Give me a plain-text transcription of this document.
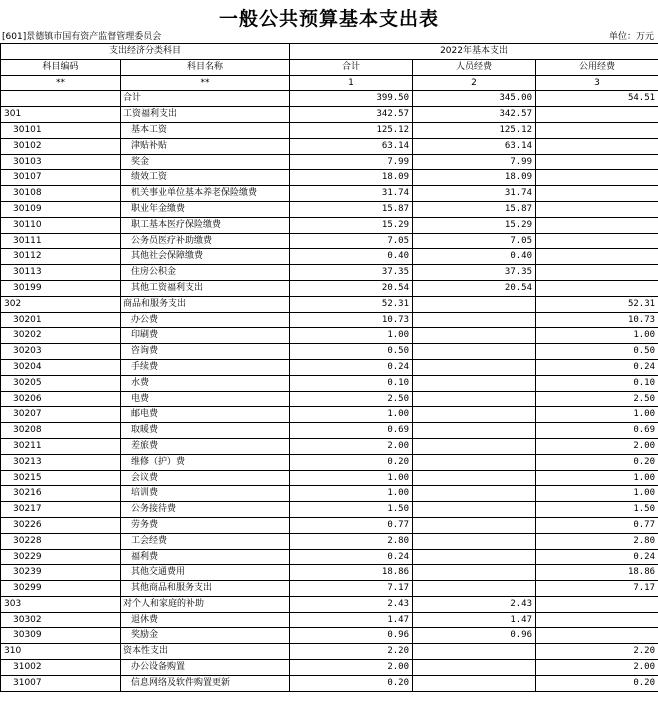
一般公共预算基本支出表
[601]景德镇市国有资产监督管理委员会	单位：万元
支出经济分类科目		2022年基本支出		
科目编码	科目名称	合计	人员经费	公用经费
**	**	1	2	3
	合计	399.50	345.00	54.51
301	工资福利支出	342.57	342.57	
30101	基本工资	125.12	125.12	
30102	津贴补贴	63.14	63.14	
30103	奖金	7.99	7.99	
30107	绩效工资	18.09	18.09	
30108	机关事业单位基本养老保险缴费	31.74	31.74	
30109	职业年金缴费	15.87	15.87	
30110	职工基本医疗保险缴费	15.29	15.29	
30111	公务员医疗补助缴费	7.05	7.05	
30112	其他社会保障缴费	0.40	0.40	
30113	住房公积金	37.35	37.35	
30199	其他工资福利支出	20.54	20.54	
302	商品和服务支出	52.31		52.31
30201	办公费	10.73		10.73
30202	印刷费	1.00		1.00
30203	咨询费	0.50		0.50
30204	手续费	0.24		0.24
30205	水费	0.10		0.10
30206	电费	2.50		2.50
30207	邮电费	1.00		1.00
30208	取暖费	0.69		0.69
30211	差旅费	2.00		2.00
30213	维修（护）费	0.20		0.20
30215	会议费	1.00		1.00
30216	培训费	1.00		1.00
30217	公务接待费	1.50		1.50
30226	劳务费	0.77		0.77
30228	工会经费	2.80		2.80
30229	福利费	0.24		0.24
30239	其他交通费用	18.86		18.86
30299	其他商品和服务支出	7.17		7.17
303	对个人和家庭的补助	2.43	2.43	
30302	退休费	1.47	1.47	
30309	奖励金	0.96	0.96	
310	资本性支出	2.20		2.20
31002	办公设备购置	2.00		2.00
31007	信息网络及软件购置更新	0.20		0.20
